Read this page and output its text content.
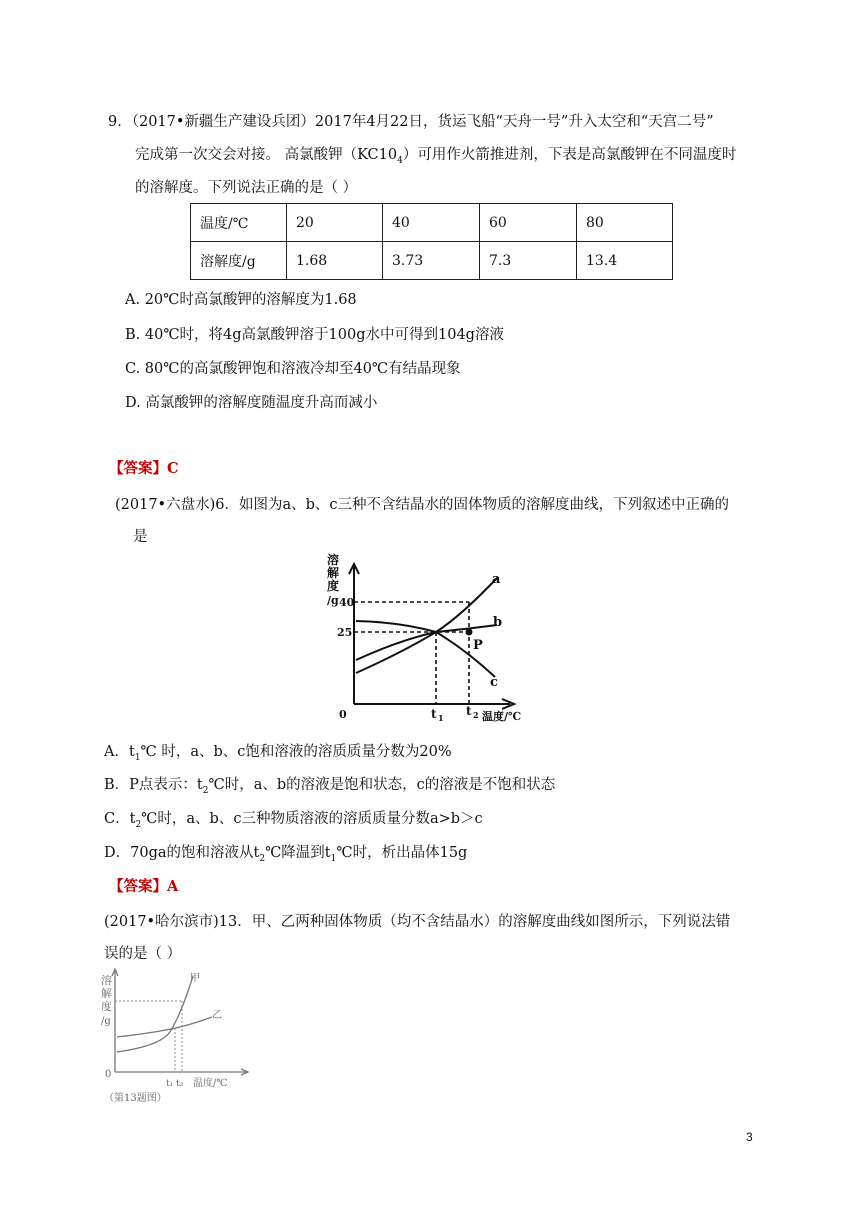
9．（2017•新疆生产建设兵团）2017年4月22日，货运飞船“天舟一号”升入太空和“天宫二号”
完成第一次交会对接。 高氯酸钾$(KC10_4)$可用作火箭推进剂，下表是高氯酸钾在不同温度时
的溶解度。下列说法正确的是（ ）
温度/℃	20	40	60	80
溶解度/g	1.68	3.73	7.3	13.4
A. 20℃时高氯酸钾的溶解度为1.68
B. 40℃时，将4g高氯酸钾溶于100g水中可得到104g溶液
C. 80℃的高氯酸钾饱和溶液冷却至40℃有结晶现象
D. 高氯酸钾的溶解度随温度升高而减小
【答案】C
(2017•六盘水)6．如图为a、b、c三种不含结晶水的固体物质的溶解度曲线，下列叙述中正确的
是
溶
解
度
/g 40
25
0	t 1 t 2 温度/℃
a
b
c
P
A．$t_1℃$ 时，a、b、c饱和溶液的溶质质量分数为20%
B．P点表示：$t_2℃$时，a、b的溶液是饱和状态，c的溶液是不饱和状态
C．$t_2℃$时，a、b、c三种物质溶液的溶质质量分数a>b＞c
D．70ga的饱和溶液从$t_2℃$降温到$t_1℃$时，析出晶体15g
【答案】A
(2017•哈尔滨市)13．甲、乙两种固体物质（均不含结晶水）的溶解度曲线如图所示，下列说法错
误的是（ ）
溶
解
度
/g
0
甲
乙
t₁ t₂ 温度/℃
（第13题图）
3
